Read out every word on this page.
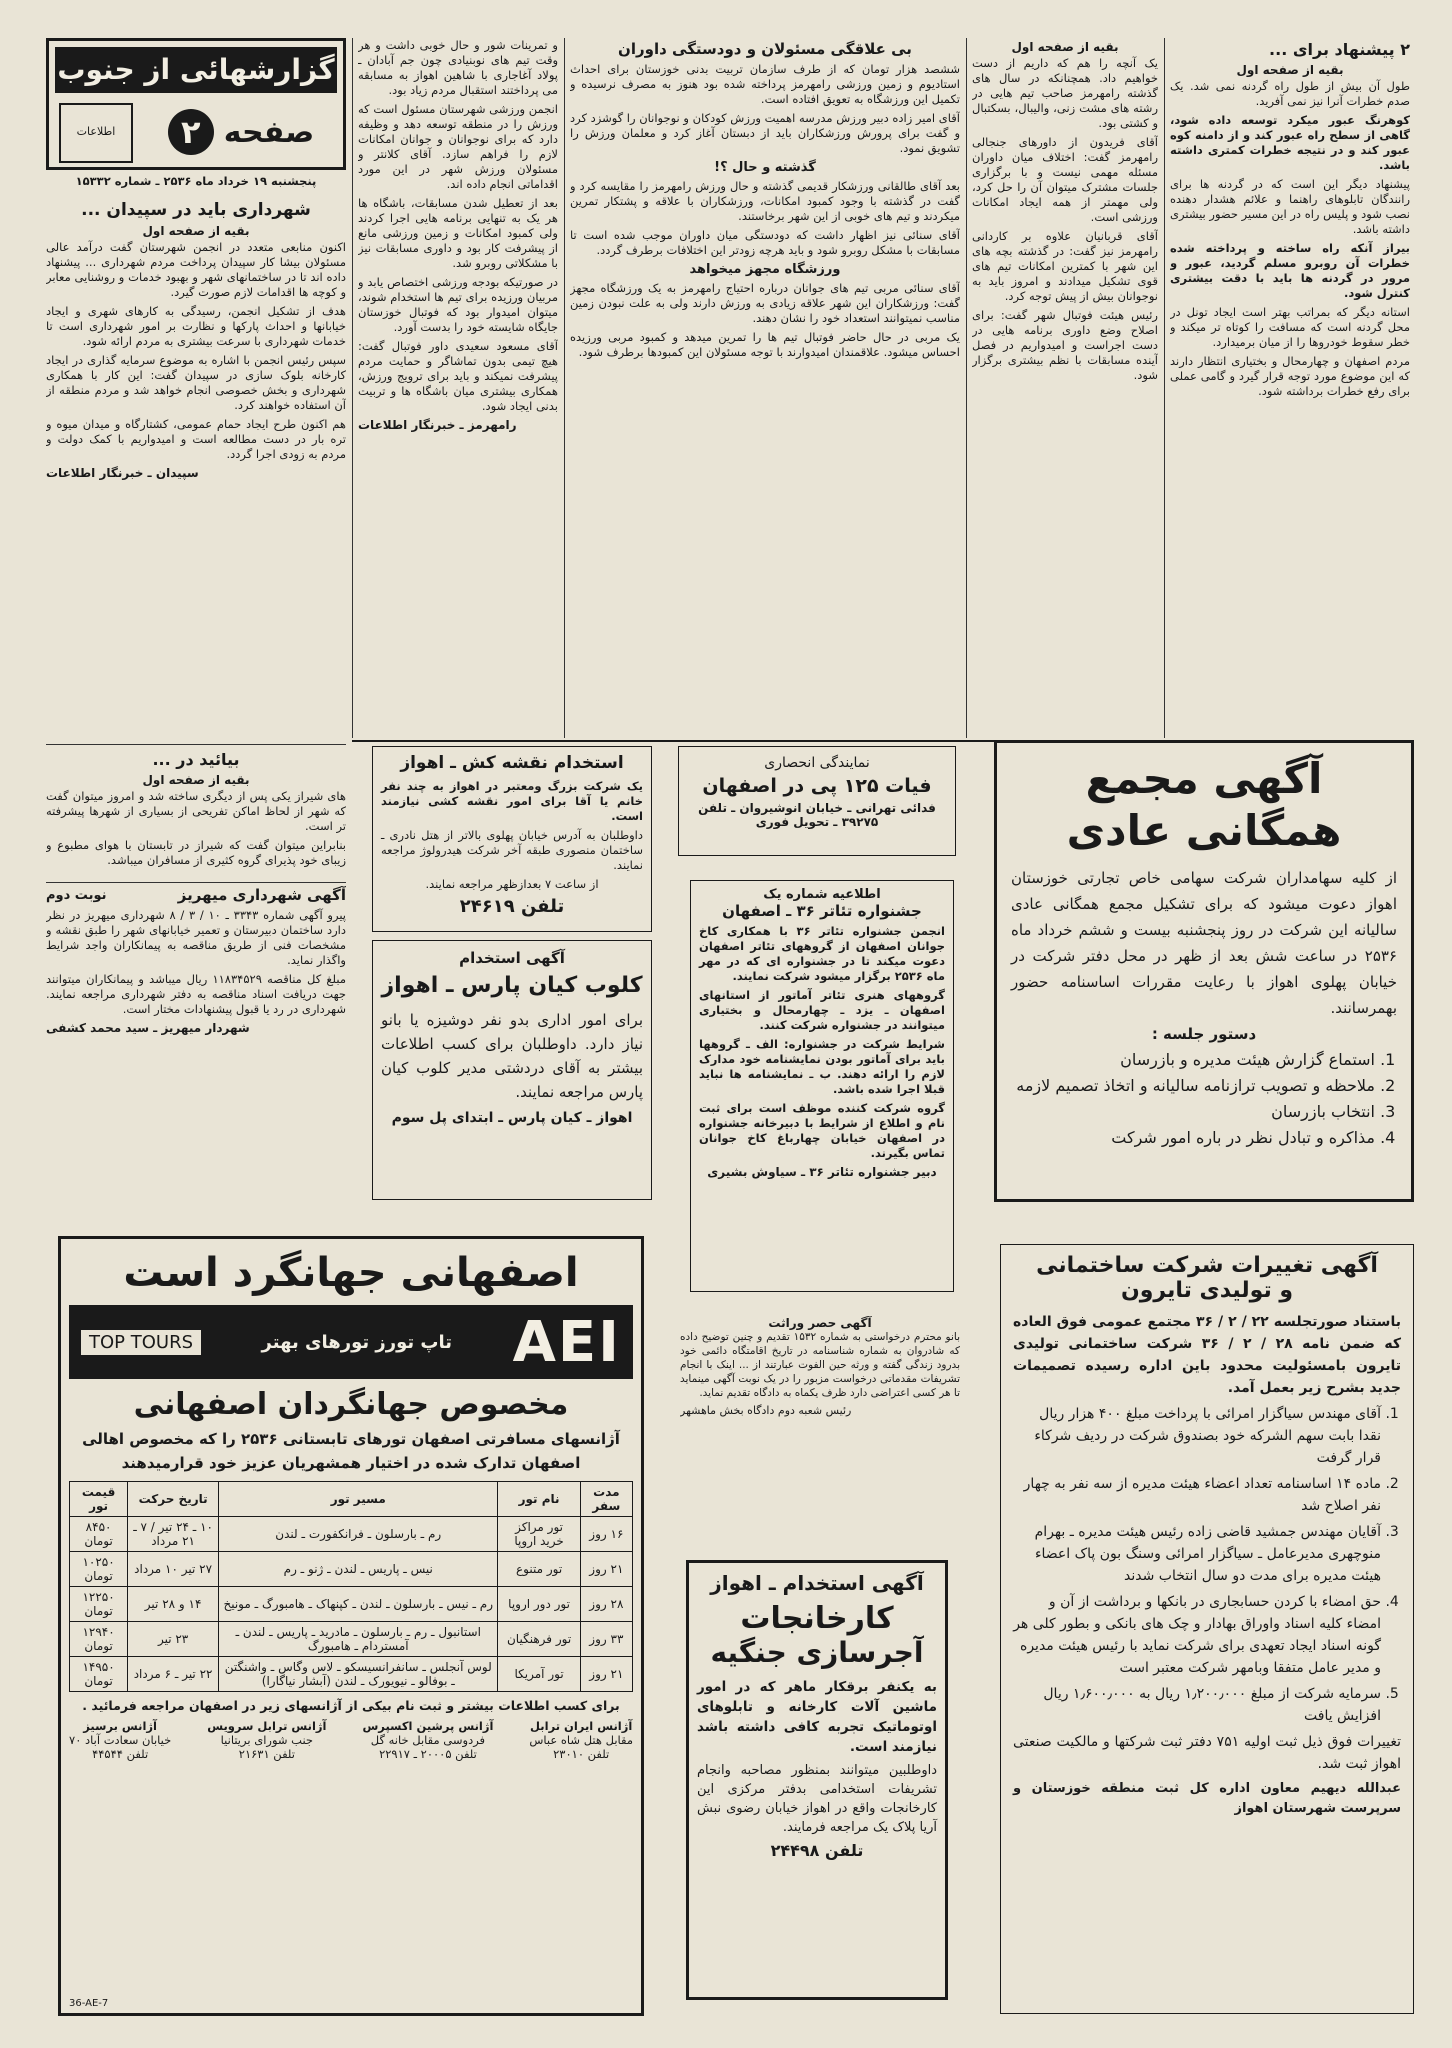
گزارشهائی از جنوب
اطلاعات	صفحه
۲
پنجشنبه ۱۹ خرداد ماه ۲۵۳۶ ـ شماره ۱۵۳۳۲
شهرداری باید در سپیدان ...
بقیه از صفحه اول

اکنون منابعی متعدد در انجمن شهرستان گفت درآمد عالی مسئولان بیشا کار سپیدان پرداخت مردم شهرداری ... پیشنهاد داده اند تا در ساختمانهای شهر و بهبود خدمات و روشنایی معابر و کوچه ها اقدامات لازم صورت گیرد.

هدف از تشکیل انجمن، رسیدگی به کارهای شهری و ایجاد خیابانها و احداث پارکها و نظارت بر امور شهرداری است تا خدمات شهرداری با سرعت بیشتری به مردم ارائه شود.

سپس رئیس انجمن با اشاره به موضوع سرمایه گذاری در ایجاد کارخانه بلوک سازی در سپیدان گفت: این کار با همکاری شهرداری و بخش خصوصی انجام خواهد شد و مردم منطقه از آن استفاده خواهند کرد.

هم اکنون طرح ایجاد حمام عمومی، کشتارگاه و میدان میوه و تره بار در دست مطالعه است و امیدواریم با کمک دولت و مردم به زودی اجرا گردد.

سپیدان ـ خبرنگار اطلاعات
بیائید در ...
بقیه از صفحه اول

های شیراز یکی پس از دیگری ساخته شد و امروز میتوان گفت که شهر از لحاظ اماکن تفریحی از بسیاری از شهرها پیشرفته تر است.

بنابراین میتوان گفت که شیراز در تابستان با هوای مطبوع و زیبای خود پذیرای گروه کثیری از مسافران میباشد.

آگهی شهرداری میهریز
نوبت دوم

پیرو آگهی شماره ۳۳۴۳ ـ ۱۰ / ۳ / ۸ شهرداری میهریز در نظر دارد ساختمان دبیرستان و تعمیر خیابانهای شهر را طبق نقشه و مشخصات فنی از طریق مناقصه به پیمانکاران واجد شرایط واگذار نماید.

مبلغ کل مناقصه ۱۱۸۳۴۵۲۹ ریال میباشد و پیمانکاران میتوانند جهت دریافت اسناد مناقصه به دفتر شهرداری مراجعه نمایند. شهرداری در رد یا قبول پیشنهادات مختار است.

شهردار میهریز ـ سید محمد کشفی

و تمرینات شور و حال خوبی داشت و هر وقت تیم های نوبنیادی چون جم آبادان ـ پولاد آغاجاری با شاهین اهواز به مسابقه می پرداختند استقبال مردم زیاد بود.

انجمن ورزشی شهرستان مسئول است که ورزش را در منطقه توسعه دهد و وظیفه دارد که برای نوجوانان و جوانان امکانات لازم را فراهم سازد. آقای کلانتر و مسئولان ورزش شهر در این مورد اقداماتی انجام داده اند.

بعد از تعطیل شدن مسابقات، باشگاه ها هر یک به تنهایی برنامه هایی اجرا کردند ولی کمبود امکانات و زمین ورزشی مانع از پیشرفت کار بود و داوری مسابقات نیز با مشکلاتی روبرو شد.

در صورتیکه بودجه ورزشی اختصاص یابد و مربیان ورزیده برای تیم ها استخدام شوند، میتوان امیدوار بود که فوتبال خوزستان جایگاه شایسته خود را بدست آورد.

آقای مسعود سعیدی داور فوتبال گفت: هیچ تیمی بدون تماشاگر و حمایت مردم پیشرفت نمیکند و باید برای ترویج ورزش، همکاری بیشتری میان باشگاه ها و تربیت بدنی ایجاد شود.

رامهرمز ـ خبرنگار اطلاعات
بی علاقگی مسئولان و دودستگی داوران

ششصد هزار تومان که از طرف سازمان تربیت بدنی خوزستان برای احداث استادیوم و زمین ورزشی رامهرمز پرداخته شده بود هنوز به مصرف نرسیده و تکمیل این ورزشگاه به تعویق افتاده است.

آقای امیر زاده دبیر ورزش مدرسه اهمیت ورزش کودکان و نوجوانان را گوشزد کرد و گفت برای پرورش ورزشکاران باید از دبستان آغاز کرد و معلمان ورزش را تشویق نمود.

گذشته و حال ؟!

بعد آقای طالقانی ورزشکار قدیمی گذشته و حال ورزش رامهرمز را مقایسه کرد و گفت در گذشته با وجود کمبود امکانات، ورزشکاران با علاقه و پشتکار تمرین میکردند و تیم های خوبی از این شهر برخاستند.

آقای سنائی نیز اظهار داشت که دودستگی میان داوران موجب شده است تا مسابقات با مشکل روبرو شود و باید هرچه زودتر این اختلافات برطرف گردد.

ورزشگاه مجهز میخواهد

آقای سنائی مربی تیم های جوانان درباره احتیاج رامهرمز به یک ورزشگاه مجهز گفت: ورزشکاران این شهر علاقه زیادی به ورزش دارند ولی به علت نبودن زمین مناسب نمیتوانند استعداد خود را نشان دهند.

یک مربی در حال حاضر فوتبال تیم ها را تمرین میدهد و کمبود مربی ورزیده احساس میشود. علاقمندان امیدوارند با توجه مسئولان این کمبودها برطرف شود.

بقیه از صفحه اول

یک آنچه را هم که داریم از دست خواهیم داد. همچنانکه در سال های گذشته رامهرمز صاحب تیم هایی در رشته های مشت زنی، والیبال، بسکتبال و کشتی بود.

آقای فریدون از داورهای جنجالی رامهرمز گفت: اختلاف میان داوران مسئله مهمی نیست و با برگزاری جلسات مشترک میتوان آن را حل کرد، ولی مهمتر از همه ایجاد امکانات ورزشی است.

آقای قربانیان علاوه بر کاردانی رامهرمز نیز گفت: در گذشته بچه های این شهر با کمترین امکانات تیم های قوی تشکیل میدادند و امروز باید به نوجوانان بیش از پیش توجه کرد.

رئیس هیئت فوتبال شهر گفت: برای اصلاح وضع داوری برنامه هایی در دست اجراست و امیدواریم در فصل آینده مسابقات با نظم بیشتری برگزار شود.

۲ پیشنهاد برای ...
بقیه از صفحه اول

طول آن بیش از طول راه گردنه نمی شد. یک صدم خطرات آنرا نیز نمی آفرید.

کوهرنگ عبور میکرد توسعه داده شود، گاهی از سطح راه عبور کند و از دامنه کوه عبور کند و در نتیجه خطرات کمتری داشته باشد.

پیشنهاد دیگر این است که در گردنه ها برای رانندگان تابلوهای راهنما و علائم هشدار دهنده نصب شود و پلیس راه در این مسیر حضور بیشتری داشته باشد.

بیراز آنکه راه ساخته و پرداخته شده خطرات آن روبرو مسلم گردید، عبور و مرور در گردنه ها باید با دقت بیشتری کنترل شود.

استانه دیگر که بمراتب بهتر است ایجاد تونل در محل گردنه است که مسافت را کوتاه تر میکند و خطر سقوط خودروها را از میان برمیدارد.

مردم اصفهان و چهارمحال و بختیاری انتظار دارند که این موضوع مورد توجه قرار گیرد و گامی عملی برای رفع خطرات برداشته شود.

استخدام نقشه کش ـ اهواز

یک شرکت بزرگ ومعتبر در اهواز به چند نفر خانم یا آقا برای امور نقشه کشی نیازمند است.

داوطلبان به آدرس خیابان پهلوی بالاتر از هتل نادری ـ ساختمان منصوری طبقه آخر شرکت هیدرولوژ مراجعه نمایند.

از ساعت ۷ بعدازظهر مراجعه نمایند.

تلفن ۲۴۶۱۹
آگهی استخدام
کلوب کیان پارس ـ اهواز

برای امور اداری بدو نفر دوشیزه یا بانو نیاز دارد. داوطلبان برای کسب اطلاعات بیشتر به آقای دردشتی مدیر کلوب کیان پارس مراجعه نمایند.

اهواز ـ کیان پارس ـ ابتدای پل سوم
نمایندگی انحصاری
فیات ۱۲۵ پی در اصفهان
فدائی تهرانی ـ خیابان انوشیروان ـ تلفن
۳۹۲۷۵ ـ تحویل فوری
اطلاعیه شماره یک
جشنواره تئاتر ۳۶ ـ اصفهان

انجمن جشنواره تئاتر ۳۶ با همکاری کاخ جوانان اصفهان از گروههای تئاتر اصفهان دعوت میکند تا در جشنواره ای که در مهر ماه ۲۵۳۶ برگزار میشود شرکت نمایند.

گروههای هنری تئاتر آماتور از استانهای اصفهان ـ یزد ـ چهارمحال و بختیاری میتوانند در جشنواره شرکت کنند.

شرایط شرکت در جشنواره: الف ـ گروهها باید برای آماتور بودن نمایشنامه خود مدارک لازم را ارائه دهند. ب ـ نمایشنامه ها نباید قبلا اجرا شده باشد.

گروه شرکت کننده موظف است برای ثبت نام و اطلاع از شرایط با دبیرخانه جشنواره در اصفهان خیابان چهارباغ کاخ جوانان تماس بگیرند.

دبیر جشنواره تئاتر ۳۶ ـ سیاوش بشیری
آگهی حصر وراثت

بانو محترم درخواستی به شماره ۱۵۳۲ تقدیم و چنین توضیح داده که شادروان به شماره شناسنامه در تاریخ اقامتگاه دائمی خود بدرود زندگی گفته و ورثه حین الفوت عبارتند از ... اینک با انجام تشریفات مقدماتی درخواست مزبور را در یک نوبت آگهی مینماید تا هر کسی اعتراضی دارد ظرف یکماه به دادگاه تقدیم نماید.

رئیس شعبه دوم دادگاه بخش ماهشهر
آگهی استخدام ـ اهواز
کارخانجات
آجرسازی جنگیه

به یکنفر برقکار ماهر که در امور ماشین آلات کارخانه و تابلوهای اوتوماتیک تجربه کافی داشته باشد نیازمند است.

داوطلبین میتوانند بمنظور مصاحبه وانجام تشریفات استخدامی بدفتر مرکزی این کارخانجات واقع در اهواز خیابان رضوی نبش آریا پلاک یک مراجعه فرمایند.

تلفن ۲۴۴۹۸
آگهی مجمع
همگانی عادی

از کلیه سهامداران شرکت سهامی خاص تجارتی خوزستان اهواز دعوت میشود که برای تشکیل مجمع همگانی عادی سالیانه این شرکت در روز پنجشنبه بیست و ششم خرداد ماه ۲۵۳۶ در ساعت شش بعد از ظهر در محل دفتر شرکت در خیابان پهلوی اهواز با رعایت مقررات اساسنامه حضور بهمرسانند.

دستور جلسه :
1. استماع گزارش هیئت مدیره و بازرسان
2. ملاحظه و تصویب ترازنامه سالیانه و اتخاذ تصمیم لازمه
3. انتخاب بازرسان
4. مذاکره و تبادل نظر در باره امور شرکت
آگهی تغییرات شرکت ساختمانی
و تولیدی تایرون

باستناد صورتجلسه ۲۲ / ۲ / ۳۶ مجتمع عمومی فوق العاده که ضمن نامه ۲۸ / ۲ / ۳۶ شرکت ساختمانی تولیدی تایرون بامسئولیت محدود باین اداره رسیده تصمیمات جدید بشرح زیر بعمل آمد.

1. آقای مهندس سیاگزار امرائی با پرداخت مبلغ ۴۰۰ هزار ریال نقدا بابت سهم الشرکه خود بصندوق شرکت در ردیف شرکاء قرار گرفت
2. ماده ۱۴ اساسنامه تعداد اعضاء هیئت مدیره از سه نفر به چهار نفر اصلاح شد
3. آقایان مهندس جمشید قاضی زاده رئیس هیئت مدیره ـ بهرام منوچهری مدیرعامل ـ سیاگزار امرائی وسنگ بون پاک اعضاء هیئت مدیره برای مدت دو سال انتخاب شدند
4. حق امضاء با کردن حسابجاری در بانکها و برداشت از آن و امضاء کلیه اسناد واوراق بهادار و چک های بانکی و بطور کلی هر گونه اسناد ایجاد تعهدی برای شرکت نماید با رئیس هیئت مدیره و مدیر عامل متفقا وبامهر شرکت معتبر است
5. سرمایه شرکت از مبلغ ۱٫۲۰۰٫۰۰۰ ریال به ۱٫۶۰۰٫۰۰۰ ریال افزایش یافت

تغییرات فوق ذیل ثبت اولیه ۷۵۱ دفتر ثبت شرکتها و مالکیت صنعتی اهواز ثبت شد.

عبدالله دیهیم معاون اداره کل ثبت منطقه خوزستان و سرپرست شهرستان اهواز

اصفهانی جهانگرد است
AEI
تاپ تورز تورهای بهتر
TOP TOURS
مخصوص جهانگردان اصفهانی
آژانسهای مسافرتی اصفهان تورهای تابستانی ۲۵۳۶ را که مخصوص اهالی اصفهان تدارک شده در اختیار همشهریان عزیز خود قرارمیدهند
مدت سفر	نام تور	مسیر تور	تاریخ حرکت	قیمت تور
۱۶ روز	تور مراکز خرید اروپا	رم ـ بارسلون ـ فرانکفورت ـ لندن	۱۰ ـ ۲۴ تیر / ۷ ـ ۲۱ مرداد	۸۴۵۰ تومان
۲۱ روز	تور متنوع	نیس ـ پاریس ـ لندن ـ ژنو ـ رم	۲۷ تیر ۱۰ مرداد	۱۰۲۵۰ تومان
۲۸ روز	تور دور اروپا	رم ـ نیس ـ بارسلون ـ لندن ـ کپنهاک ـ هامبورگ ـ مونیخ	۱۴ و ۲۸ تیر	۱۲۲۵۰ تومان
۳۳ روز	تور فرهنگیان	استانبول ـ رم ـ بارسلون ـ مادرید ـ پاریس ـ لندن ـ آمستردام ـ هامبورگ	۲۳ تیر	۱۲۹۴۰ تومان
۲۱ روز	تور آمریکا	لوس آنجلس ـ سانفرانسیسکو ـ لاس وگاس ـ واشنگتن ـ بوفالو ـ نیویورک ـ لندن (آبشار نیاگارا)	۲۲ تیر ـ ۶ مرداد	۱۴۹۵۰ تومان
برای کسب اطلاعات بیشتر و ثبت نام بیکی از آژانسهای زیر در اصفهان مراجعه فرمائید .
آژانس ایران ترابل
مقابل هتل شاه عباس
تلفن ۲۳۰۱۰
آژانس پرشین اکسپرس
فردوسی مقابل خانه گل
تلفن ۲۰۰۰۵ ـ ۲۲۹۱۷
آژانس ترابل سرویس
جنب شورای بریتانیا
تلفن ۲۱۶۳۱
آژانس برسیز
خیابان سعادت آباد ۷۰
تلفن ۴۴۵۴۴
36-AE-7
